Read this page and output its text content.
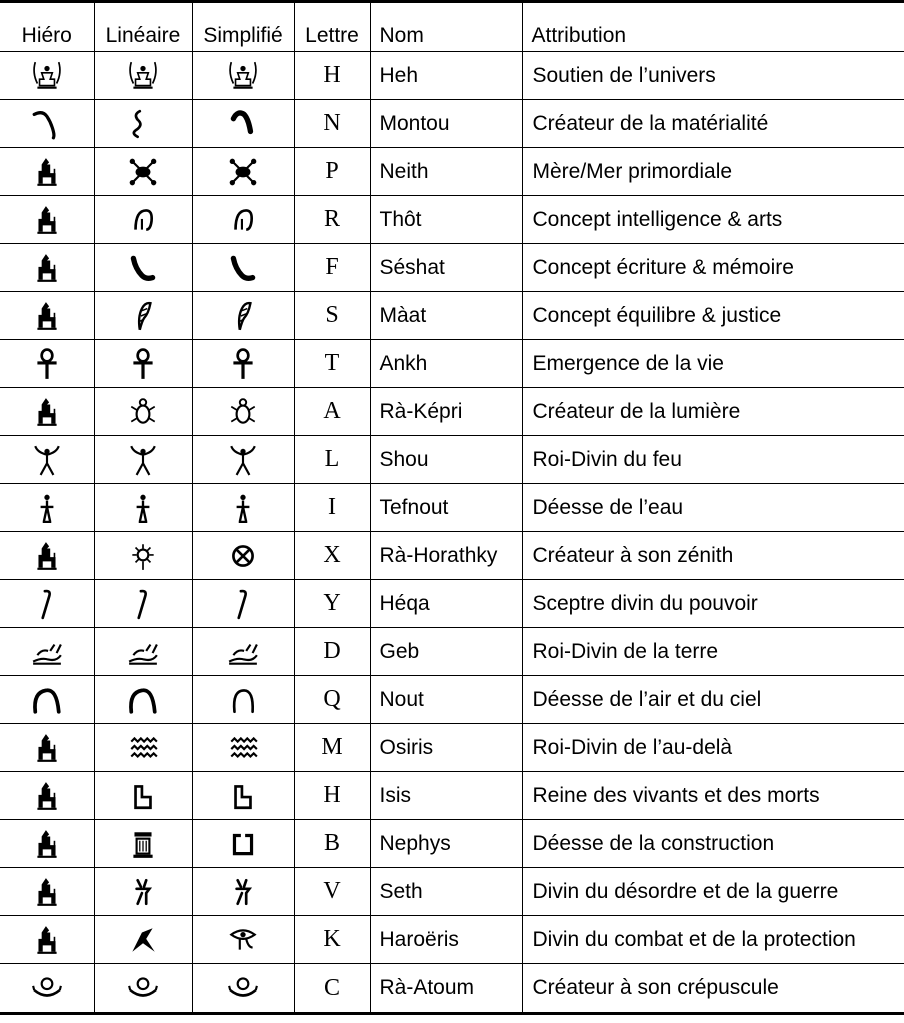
Hiéro	Linéaire	Simplifié	Lettre	Nom	Attribution
			H	Heh	Soutien de l’univers
			N	Montou	Créateur de la matérialité
			P	Neith	Mère/Mer primordiale
			R	Thôt	Concept intelligence & arts
			F	Séshat	Concept écriture & mémoire
			S	Màat	Concept équilibre & justice
			T	Ankh	Emergence de la vie
			A	Rà-Képri	Créateur de la lumière
			L	Shou	Roi-Divin du feu
			I	Tefnout	Déesse de l’eau
			X	Rà-Horathky	Créateur à son zénith
			Y	Héqa	Sceptre divin du pouvoir
			D	Geb	Roi-Divin de la terre
			Q	Nout	Déesse de l’air et du ciel
			M	Osiris	Roi-Divin de l’au-delà
			H	Isis	Reine des vivants et des morts
			B	Nephys	Déesse de la construction
			V	Seth	Divin du désordre et de la guerre
			K	Haroëris	Divin du combat et de la protection
			C	Rà-Atoum	Créateur à son crépuscule
